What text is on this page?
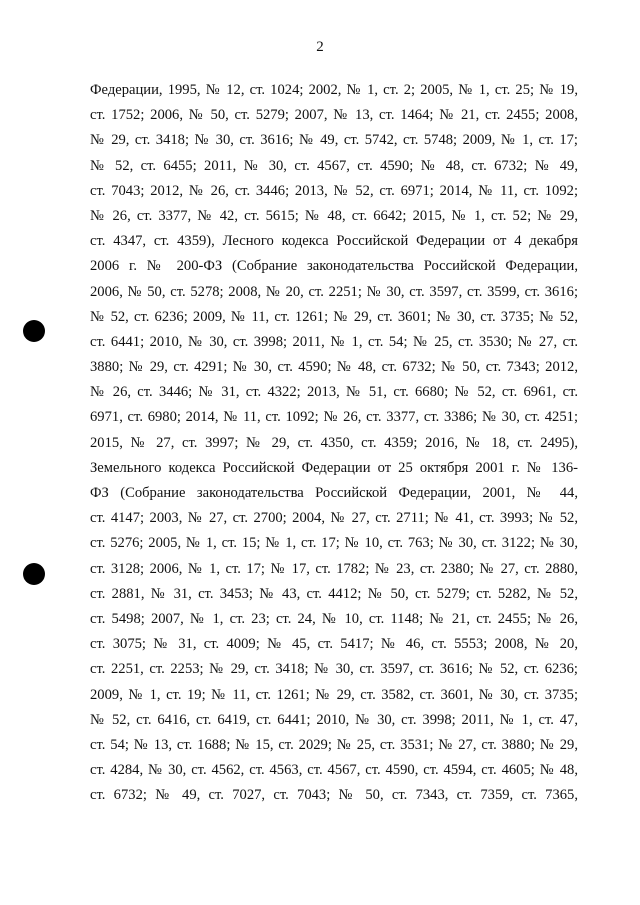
2
Федерации, 1995, № 12, ст. 1024; 2002, № 1, ст. 2; 2005, № 1, ст. 25; № 19,
ст. 1752; 2006, № 50, ст. 5279; 2007, № 13, ст. 1464; № 21, ст. 2455; 2008,
№ 29, ст. 3418; № 30, ст. 3616; № 49, ст. 5742, ст. 5748; 2009, № 1, ст. 17;
№ 52, ст. 6455; 2011, № 30, ст. 4567, ст. 4590; № 48, ст. 6732; № 49,
ст. 7043; 2012, № 26, ст. 3446; 2013, № 52, ст. 6971; 2014, № 11, ст. 1092;
№ 26, ст. 3377, № 42, ст. 5615; № 48, ст. 6642; 2015, № 1, ст. 52; № 29,
ст. 4347, ст. 4359), Лесного кодекса Российской Федерации от 4 декабря
2006 г. № 200-ФЗ (Собрание законодательства Российской Федерации,
2006, № 50, ст. 5278; 2008, № 20, ст. 2251; № 30, ст. 3597, ст. 3599, ст. 3616;
№ 52, ст. 6236; 2009, № 11, ст. 1261; № 29, ст. 3601; № 30, ст. 3735; № 52,
ст. 6441; 2010, № 30, ст. 3998; 2011, № 1, ст. 54; № 25, ст. 3530; № 27, ст.
3880; № 29, ст. 4291; № 30, ст. 4590; № 48, ст. 6732; № 50, ст. 7343; 2012,
№ 26, ст. 3446; № 31, ст. 4322; 2013, № 51, ст. 6680; № 52, ст. 6961, ст.
6971, ст. 6980; 2014, № 11, ст. 1092; № 26, ст. 3377, ст. 3386; № 30, ст. 4251;
2015, № 27, ст. 3997; № 29, ст. 4350, ст. 4359; 2016, № 18, ст. 2495),
Земельного кодекса Российской Федерации от 25 октября 2001 г. № 136-
ФЗ (Собрание законодательства Российской Федерации, 2001, № 44,
ст. 4147; 2003, № 27, ст. 2700; 2004, № 27, ст. 2711; № 41, ст. 3993; № 52,
ст. 5276; 2005, № 1, ст. 15; № 1, ст. 17; № 10, ст. 763; № 30, ст. 3122; № 30,
ст. 3128; 2006, № 1, ст. 17; № 17, ст. 1782; № 23, ст. 2380; № 27, ст. 2880,
ст. 2881, № 31, ст. 3453; № 43, ст. 4412; № 50, ст. 5279; ст. 5282, № 52,
ст. 5498; 2007, № 1, ст. 23; ст. 24, № 10, ст. 1148; № 21, ст. 2455; № 26,
ст. 3075; № 31, ст. 4009; № 45, ст. 5417; № 46, ст. 5553; 2008, № 20,
ст. 2251, ст. 2253; № 29, ст. 3418; № 30, ст. 3597, ст. 3616; № 52, ст. 6236;
2009, № 1, ст. 19; № 11, ст. 1261; № 29, ст. 3582, ст. 3601, № 30, ст. 3735;
№ 52, ст. 6416, ст. 6419, ст. 6441; 2010, № 30, ст. 3998; 2011, № 1, ст. 47,
ст. 54; № 13, ст. 1688; № 15, ст. 2029; № 25, ст. 3531; № 27, ст. 3880; № 29,
ст. 4284, № 30, ст. 4562, ст. 4563, ст. 4567, ст. 4590, ст. 4594, ст. 4605; № 48,
ст. 6732; № 49, ст. 7027, ст. 7043; № 50, ст. 7343, ст. 7359, ст. 7365,
